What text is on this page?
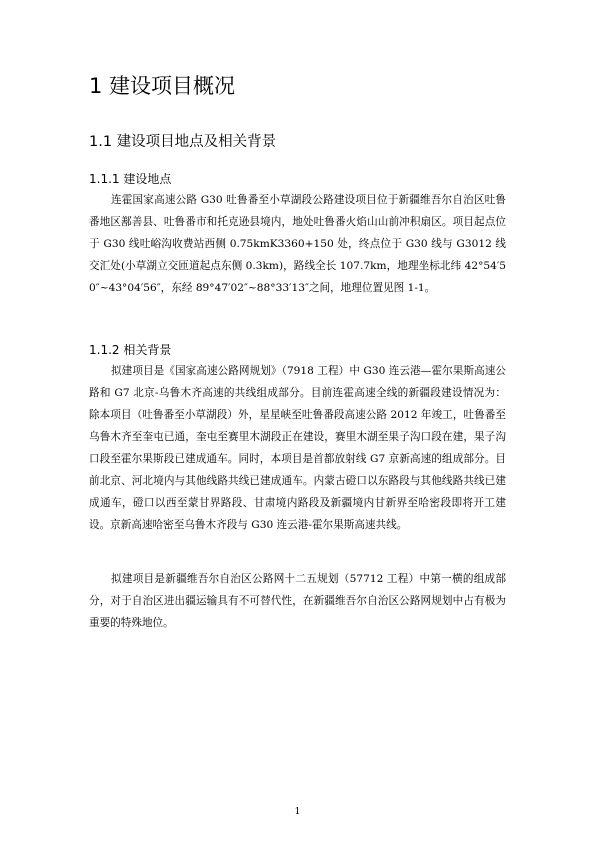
1 建设项目概况
1.1 建设项目地点及相关背景
1.1.1 建设地点

连霍国家高速公路 G30 吐鲁番至小草湖段公路建设项目位于新疆维吾尔自治区吐鲁番地区鄯善县、吐鲁番市和托克逊县境内，地处吐鲁番火焰山山前冲积扇区。项目起点位于 G30 线吐峪沟收费站西侧 0.75kmK3360+150 处，终点位于 G30 线与 G3012 线交汇处(小草湖立交匝道起点东侧 0.3km)，路线全长 107.7km，地理坐标北纬 42°54′50″~43°04′56″，东经 89°47′02″~88°33′13″之间，地理位置见图 1-1。

1.1.2 相关背景

拟建项目是《国家高速公路网规划》（7918 工程）中 G30 连云港—霍尔果斯高速公路和 G7 北京-乌鲁木齐高速的共线组成部分。目前连霍高速全线的新疆段建设情况为：除本项目（吐鲁番至小草湖段）外，星星峡至吐鲁番段高速公路 2012 年竣工，吐鲁番至乌鲁木齐至奎屯已通，奎屯至赛里木湖段正在建设，赛里木湖至果子沟口段在建，果子沟口段至霍尔果斯段已建成通车。同时，本项目是首都放射线 G7 京新高速的组成部分。目前北京、河北境内与其他线路共线已建成通车。内蒙古磴口以东路段与其他线路共线已建成通车，磴口以西至蒙甘界路段、甘肃境内路段及新疆境内甘新界至哈密段即将开工建设。京新高速哈密至乌鲁木齐段与 G30 连云港-霍尔果斯高速共线。

拟建项目是新疆维吾尔自治区公路网十二五规划（57712 工程）中第一横的组成部分，对于自治区进出疆运输具有不可替代性，在新疆维吾尔自治区公路网规划中占有极为重要的特殊地位。

1
